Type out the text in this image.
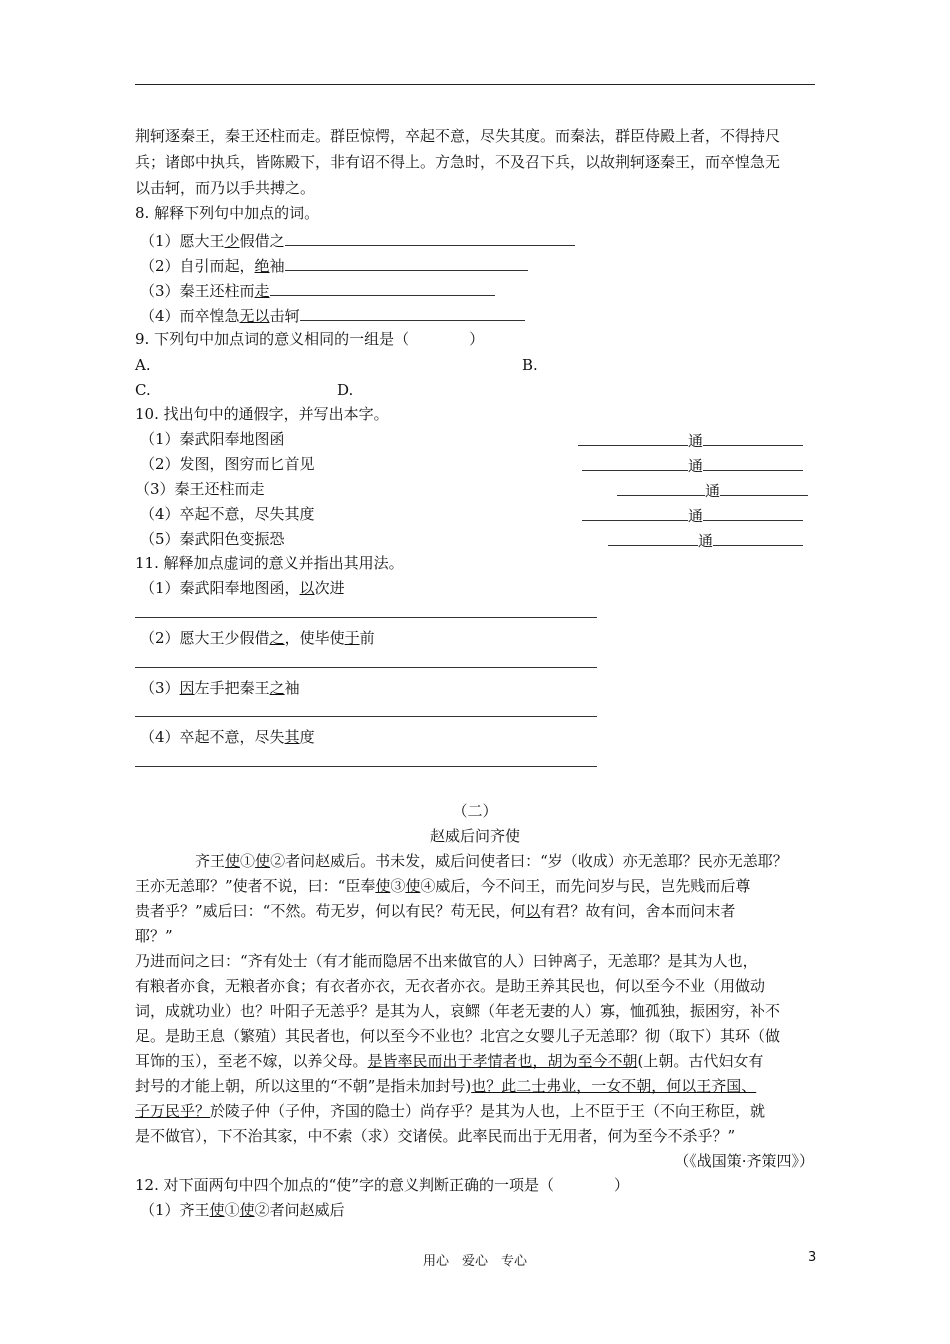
荆轲逐秦王，秦王还柱而走。群臣惊愕，卒起不意，尽失其度。而秦法，群臣侍殿上者，不得持尺
兵；诸郎中执兵，皆陈殿下，非有诏不得上。方急时，不及召下兵，以故荆轲逐秦王，而卒惶急无
以击轲，而乃以手共搏之。
8. 解释下列句中加点的词。
（1）愿大王少假借之
（2）自引而起，绝袖
（3）秦王还柱而走
（4）而卒惶急无以击轲
9. 下列句中加点词的意义相同的一组是（　　　　）
A.	B.
C.	D.
10. 找出句中的通假字，并写出本字。
（1）秦武阳奉地图函	通
（2）发图，图穷而匕首见	通
（3）秦王还柱而走	通
（4）卒起不意，尽失其度	通
（5）秦武阳色变振恐	通
11. 解释加点虚词的意义并指出其用法。
（1）秦武阳奉地图函，以次进
（2）愿大王少假借之，使毕使于前
（3）因左手把秦王之袖
（4）卒起不意，尽失其度
（二）
赵威后问齐使
齐王使①使②者问赵威后。书未发，威后问使者曰：“岁（收成）亦无恙耶？民亦无恙耶？
王亦无恙耶？”使者不说，曰：“臣奉使③使④威后，今不问王，而先问岁与民，岂先贱而后尊
贵者乎？”威后曰：“不然。苟无岁，何以有民？苟无民，何以有君？故有问，舍本而问末者
耶？”
乃进而问之曰：“齐有处士（有才能而隐居不出来做官的人）曰钟离子，无恙耶？是其为人也，
有粮者亦食，无粮者亦食；有衣者亦衣，无衣者亦衣。是助王养其民也，何以至今不业（用做动
词，成就功业）也？叶阳子无恙乎？是其为人，哀鳏（年老无妻的人）寡，恤孤独，振困穷，补不
足。是助王息（繁殖）其民者也，何以至今不业也？北宫之女婴儿子无恙耶？彻（取下）其环（做
耳饰的玉），至老不嫁，以养父母。是皆率民而出于孝情者也，胡为至今不朝(上朝。古代妇女有
封号的才能上朝，所以这里的“不朝”是指未加封号)也？此二士弗业，一女不朝，何以王齐国、
子万民乎？於陵子仲（子仲，齐国的隐士）尚存乎？是其为人也，上不臣于王（不向王称臣，就
是不做官），下不治其家，中不索（求）交诸侯。此率民而出于无用者，何为至今不杀乎？”
（《战国策·齐策四》）
12. 对下面两句中四个加点的“使”字的意义判断正确的一项是（　　　　）
（1）齐王使①使②者问赵威后
用心　爱心　专心	3
